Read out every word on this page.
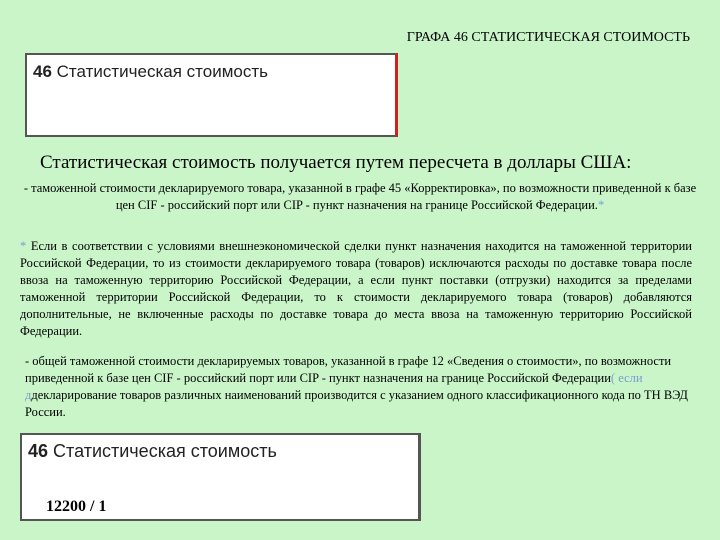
ГРАФА 46 СТАТИСТИЧЕСКАЯ СТОИМОСТЬ
46 Статистическая стоимость
Статистическая стоимость получается путем пересчета в доллары США:
- таможенной стоимости декларируемого товара, указанной в графе 45 «Корректировка», по возможности приведенной к базе цен CIF - российский порт или CIP - пункт назначения на границе Российской Федерации.*
* Если в соответствии с условиями внешнеэкономической сделки пункт назначения находится на таможенной территории Российской Федерации, то из стоимости декларируемого товара (товаров) исключаются расходы по доставке товара после ввоза на таможенную территорию Российской Федерации, а если пункт поставки (отгрузки) находится за пределами таможенной территории Российской Федерации, то к стоимости декларируемого товара (товаров) добавляются дополнительные, не включенные расходы по доставке товара до места ввоза на таможенную территорию Российской Федерации.
- общей таможенной стоимости декларируемых товаров, указанной в графе 12 «Сведения о стоимости», по возможности приведенной к базе цен CIF - российский порт или CIP - пункт назначения на границе Российской Федерации( если ддекларирование товаров различных наименований производится с указанием одного классификационного кода по ТН ВЭД России.
46 Статистическая стоимость
12200 / 1
